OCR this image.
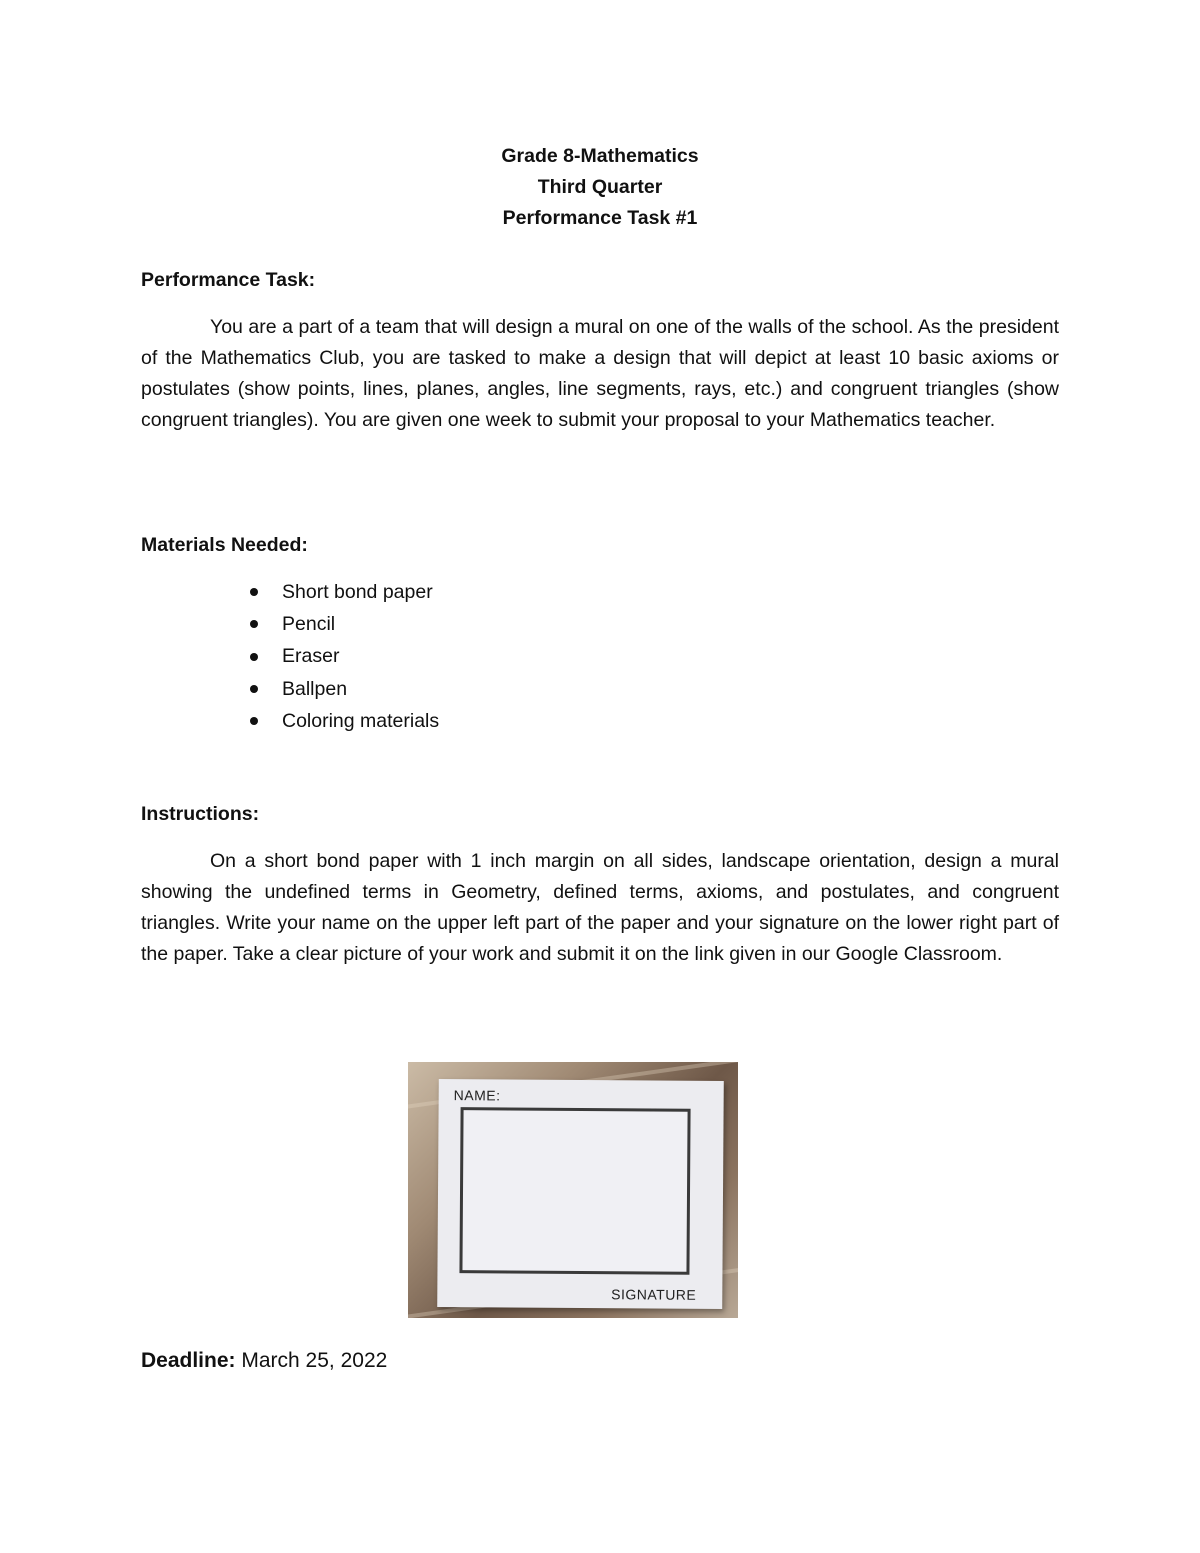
Grade 8-Mathematics
Third Quarter
Performance Task #1
Performance Task:

You are a part of a team that will design a mural on one of the walls of the school. As the president of the Mathematics Club, you are tasked to make a design that will depict at least 10 basic axioms or postulates (show points, lines, planes, angles, line segments, rays, etc.) and congruent triangles (show congruent triangles). You are given one week to submit your proposal to your Mathematics teacher.

Materials Needed:
Short bond paper
Pencil
Eraser
Ballpen
Coloring materials
Instructions:

On a short bond paper with 1 inch margin on all sides, landscape orientation, design a mural showing the undefined terms in Geometry, defined terms, axioms, and postulates, and congruent triangles. Write your name on the upper left part of the paper and your signature on the lower right part of the paper. Take a clear picture of your work and submit it on the link given in our Google Classroom.

NAME:
SIGNATURE
Deadline: March 25, 2022
